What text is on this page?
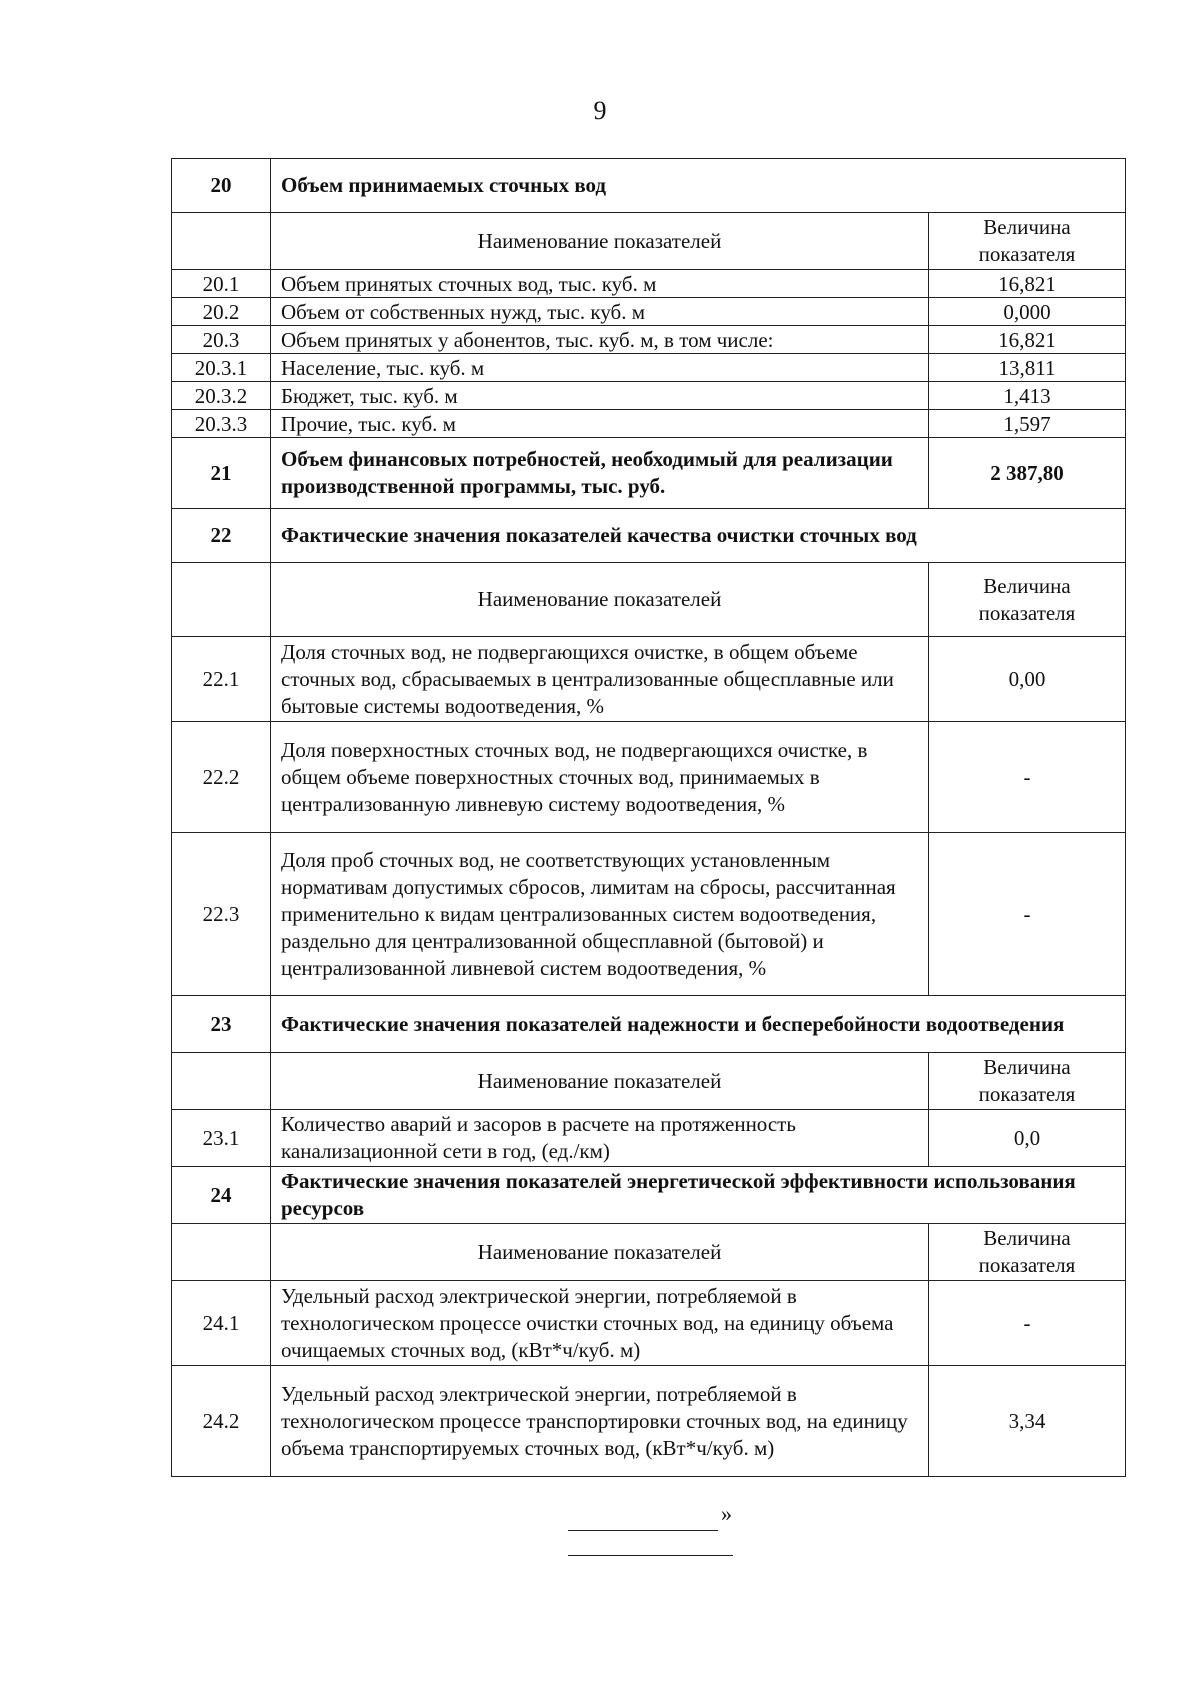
9
20	Объем принимаемых сточных вод	
	Наименование показателей	Величина показателя
20.1	Объем принятых сточных вод, тыс. куб. м	16,821
20.2	Объем от собственных нужд, тыс. куб. м	0,000
20.3	Объем принятых у абонентов, тыс. куб. м, в том числе:	16,821
20.3.1	Население, тыс. куб. м	13,811
20.3.2	Бюджет, тыс. куб. м	1,413
20.3.3	Прочие, тыс. куб. м	1,597
21	Объем финансовых потребностей, необходимый для реализации производственной программы, тыс. руб.	2 387,80
22	Фактические значения показателей качества очистки сточных вод	
	Наименование показателей	Величина показателя
22.1	Доля сточных вод, не подвергающихся очистке, в общем объеме сточных вод, сбрасываемых в централизованные общесплавные или бытовые системы водоотведения, %	0,00
22.2	Доля поверхностных сточных вод, не подвергающихся очистке, в общем объеме поверхностных сточных вод, принимаемых в централизованную ливневую систему водоотведения, %	-
22.3	Доля проб сточных вод, не соответствующих установленным нормативам допустимых сбросов, лимитам на сбросы, рассчитанная применительно к видам централизованных систем водоотведения, раздельно для централизованной общесплавной (бытовой) и централизованной ливневой систем водоотведения, %	-
23	Фактические значения показателей надежности и бесперебойности водоотведения	
	Наименование показателей	Величина показателя
23.1	Количество аварий и засоров в расчете на протяженность канализационной сети в год, (ед./км)	0,0
24	Фактические значения показателей энергетической эффективности использования ресурсов	
	Наименование показателей	Величина показателя
24.1	Удельный расход электрической энергии, потребляемой в технологическом процессе очистки сточных вод, на единицу объема очищаемых сточных вод, (кВт*ч/куб. м)	-
24.2	Удельный расход электрической энергии, потребляемой в технологическом процессе транспортировки сточных вод, на единицу объема транспортируемых сточных вод, (кВт*ч/куб. м)	3,34
»
